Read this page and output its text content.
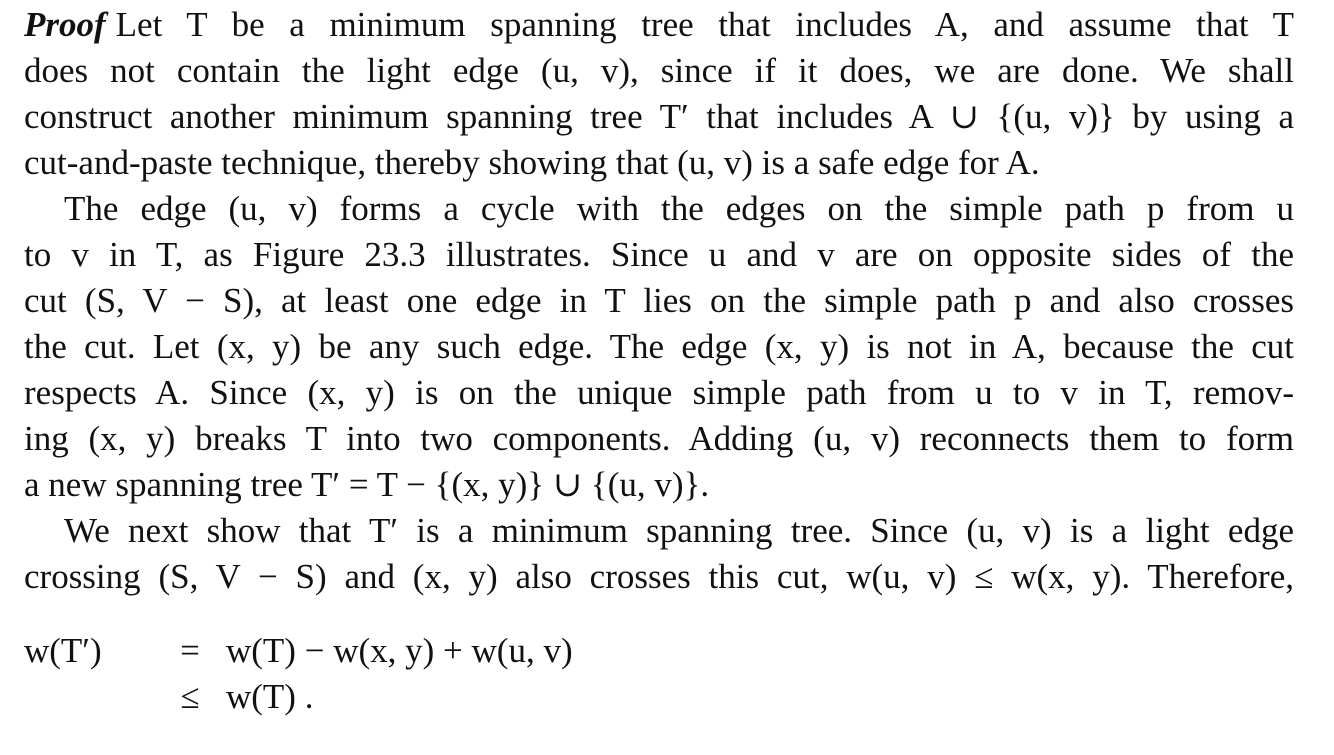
Proof Let T be a minimum spanning tree that includes A, and assume that T
does not contain the light edge (u, v), since if it does, we are done. We shall
construct another minimum spanning tree T′ that includes A ∪ {(u, v)} by using a
cut-and-paste technique, thereby showing that (u, v) is a safe edge for A.
The edge (u, v) forms a cycle with the edges on the simple path p from u
to v in T, as Figure 23.3 illustrates. Since u and v are on opposite sides of the
cut (S, V − S), at least one edge in T lies on the simple path p and also crosses
the cut. Let (x, y) be any such edge. The edge (x, y) is not in A, because the cut
respects A. Since (x, y) is on the unique simple path from u to v in T, remov-
ing (x, y) breaks T into two components. Adding (u, v) reconnects them to form
a new spanning tree T′ = T − {(x, y)} ∪ {(u, v)}.
We next show that T′ is a minimum spanning tree. Since (u, v) is a light edge
crossing (S, V − S) and (x, y) also crosses this cut, w(u, v) ≤ w(x, y). Therefore,
w(T′)	= w(T) − w(x, y) + w(u, v)
≤ w(T) .
